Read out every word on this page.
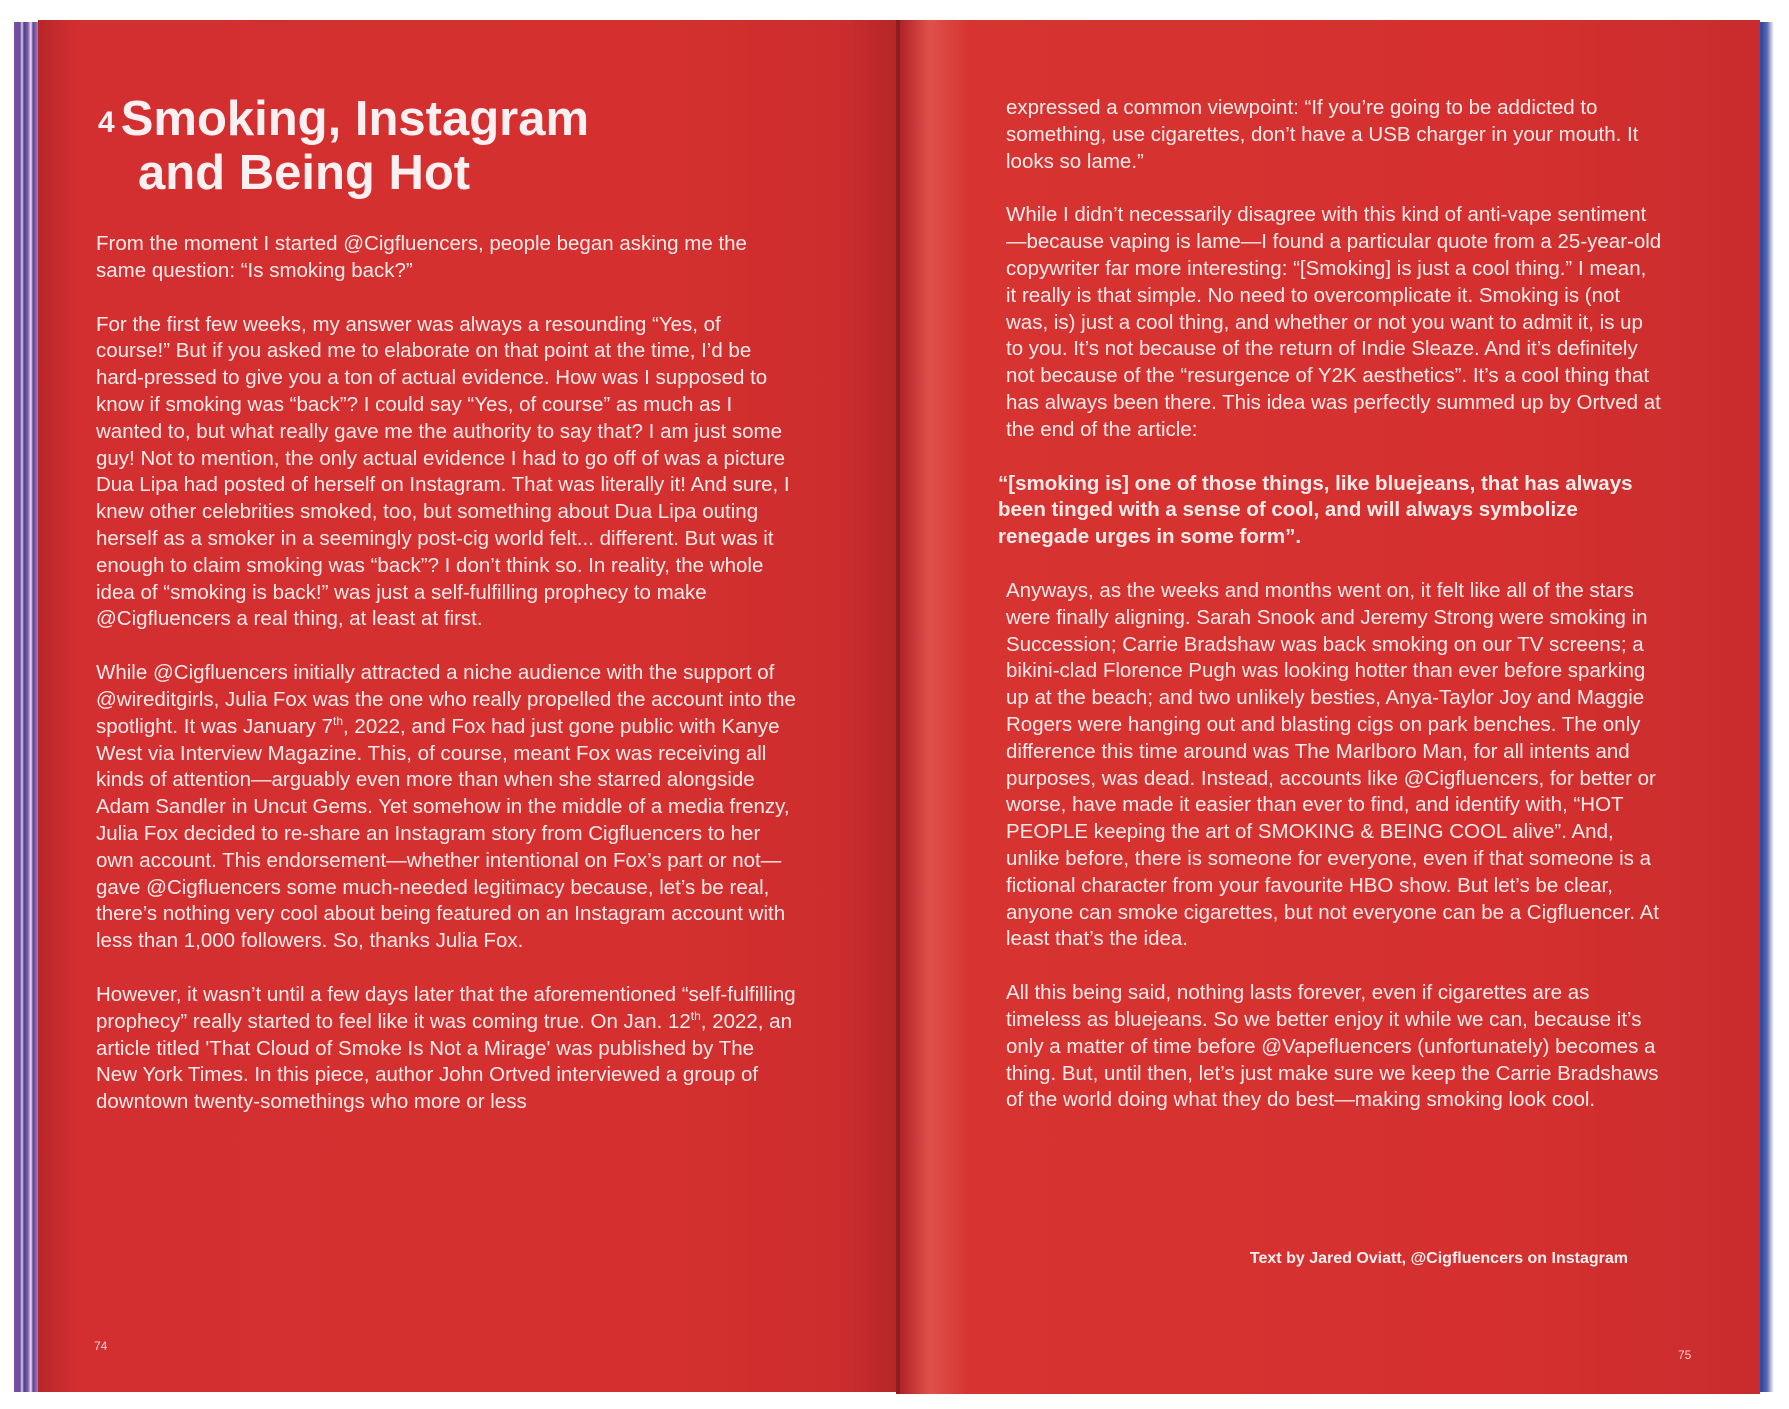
$^4$ Smoking, Instagram
and Being Hot

From the moment I started @Cigfluencers, people began asking me the same question: “Is smoking back?”

For the first few weeks, my answer was always a resounding “Yes, of course!” But if you asked me to elaborate on that point at the time, I’d be hard-pressed to give you a ton of actual evidence. How was I supposed to know if smoking was “back”? I could say “Yes, of course” as much as I wanted to, but what really gave me the authority to say that? I am just some guy! Not to mention, the only actual evidence I had to go off of was a picture Dua Lipa had posted of herself on Instagram. That was literally it! And sure, I knew other celebrities smoked, too, but something about Dua Lipa outing herself as a smoker in a seemingly post-cig world felt... different. But was it enough to claim smoking was “back”? I don’t think so. In reality, the whole idea of “smoking is back!” was just a self-fulfilling prophecy to make @Cigfluencers a real thing, at least at first.

While @Cigfluencers initially attracted a niche audience with the support of @wireditgirls, Julia Fox was the one who really propelled the account into the spotlight. It was January 7th, 2022, and Fox had just gone public with Kanye West via Interview Magazine. This, of course, meant Fox was receiving all kinds of attention—arguably even more than when she starred alongside Adam Sandler in Uncut Gems. Yet somehow in the middle of a media frenzy, Julia Fox decided to re-share an Instagram story from Cigfluencers to her own account. This endorsement—whether intentional on Fox’s part or not—gave @Cigfluencers some much-needed legitimacy because, let’s be real, there’s nothing very cool about being featured on an Instagram account with less than 1,000 followers. So, thanks Julia Fox.

However, it wasn’t until a few days later that the aforementioned “self-fulfilling prophecy” really started to feel like it was coming true. On Jan. 12th, 2022, an article titled 'That Cloud of Smoke Is Not a Mirage' was published by The New York Times. In this piece, author John Ortved interviewed a group of downtown twenty-somethings who more or less

74

expressed a common viewpoint: “If you’re going to be addicted to something, use cigarettes, don’t have a USB charger in your mouth. It looks so lame.”

While I didn’t necessarily disagree with this kind of anti-vape sentiment—because vaping is lame—I found a particular quote from a 25-year-old copywriter far more interesting: “[Smoking] is just a cool thing.” I mean, it really is that simple. No need to overcomplicate it. Smoking is (not was, is) just a cool thing, and whether or not you want to admit it, is up to you. It’s not because of the return of Indie Sleaze. And it’s definitely not because of the “resurgence of Y2K aesthetics”. It’s a cool thing that has always been there. This idea was perfectly summed up by Ortved at the end of the article:

“[smoking is] one of those things, like bluejeans, that has always been tinged with a sense of cool, and will always symbolize renegade urges in some form”.

Anyways, as the weeks and months went on, it felt like all of the stars were finally aligning. Sarah Snook and Jeremy Strong were smoking in Succession; Carrie Bradshaw was back smoking on our TV screens; a bikini-clad Florence Pugh was looking hotter than ever before sparking up at the beach; and two unlikely besties, Anya-Taylor Joy and Maggie Rogers were hanging out and blasting cigs on park benches. The only difference this time around was The Marlboro Man, for all intents and purposes, was dead. Instead, accounts like @Cigfluencers, for better or worse, have made it easier than ever to find, and identify with, “HOT PEOPLE keeping the art of SMOKING & BEING COOL alive”. And, unlike before, there is someone for everyone, even if that someone is a fictional character from your favourite HBO show. But let’s be clear, anyone can smoke cigarettes, but not everyone can be a Cigfluencer. At least that’s the idea.

All this being said, nothing lasts forever, even if cigarettes are as timeless as bluejeans. So we better enjoy it while we can, because it’s only a matter of time before @Vapefluencers (unfortunately) becomes a thing. But, until then, let’s just make sure we keep the Carrie Bradshaws of the world doing what they do best—making smoking look cool.

Text by Jared Oviatt, @Cigfluencers on Instagram
75
